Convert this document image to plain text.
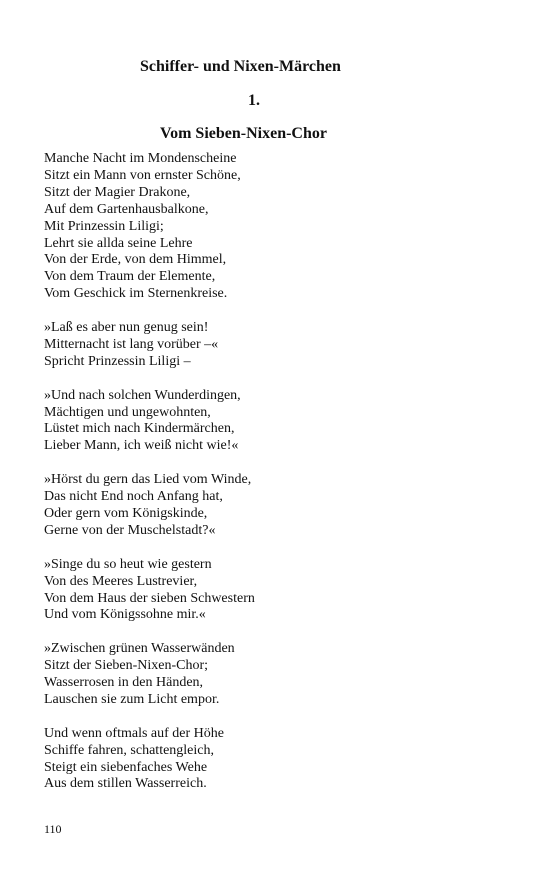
Schiffer- und Nixen-Märchen
1.
Vom Sieben-Nixen-Chor
Manche Nacht im Mondenscheine
Sitzt ein Mann von ernster Schöne,
Sitzt der Magier Drakone,
Auf dem Gartenhausbalkone,
Mit Prinzessin Liligi;
Lehrt sie allda seine Lehre
Von der Erde, von dem Himmel,
Von dem Traum der Elemente,
Vom Geschick im Sternenkreise.
»Laß es aber nun genug sein!
Mitternacht ist lang vorüber –«
Spricht Prinzessin Liligi –
»Und nach solchen Wunderdingen,
Mächtigen und ungewohnten,
Lüstet mich nach Kindermärchen,
Lieber Mann, ich weiß nicht wie!«
»Hörst du gern das Lied vom Winde,
Das nicht End noch Anfang hat,
Oder gern vom Königskinde,
Gerne von der Muschelstadt?«
»Singe du so heut wie gestern
Von des Meeres Lustrevier,
Von dem Haus der sieben Schwestern
Und vom Königssohne mir.«
»Zwischen grünen Wasserwänden
Sitzt der Sieben-Nixen-Chor;
Wasserrosen in den Händen,
Lauschen sie zum Licht empor.
Und wenn oftmals auf der Höhe
Schiffe fahren, schattengleich,
Steigt ein siebenfaches Wehe
Aus dem stillen Wasserreich.
110
